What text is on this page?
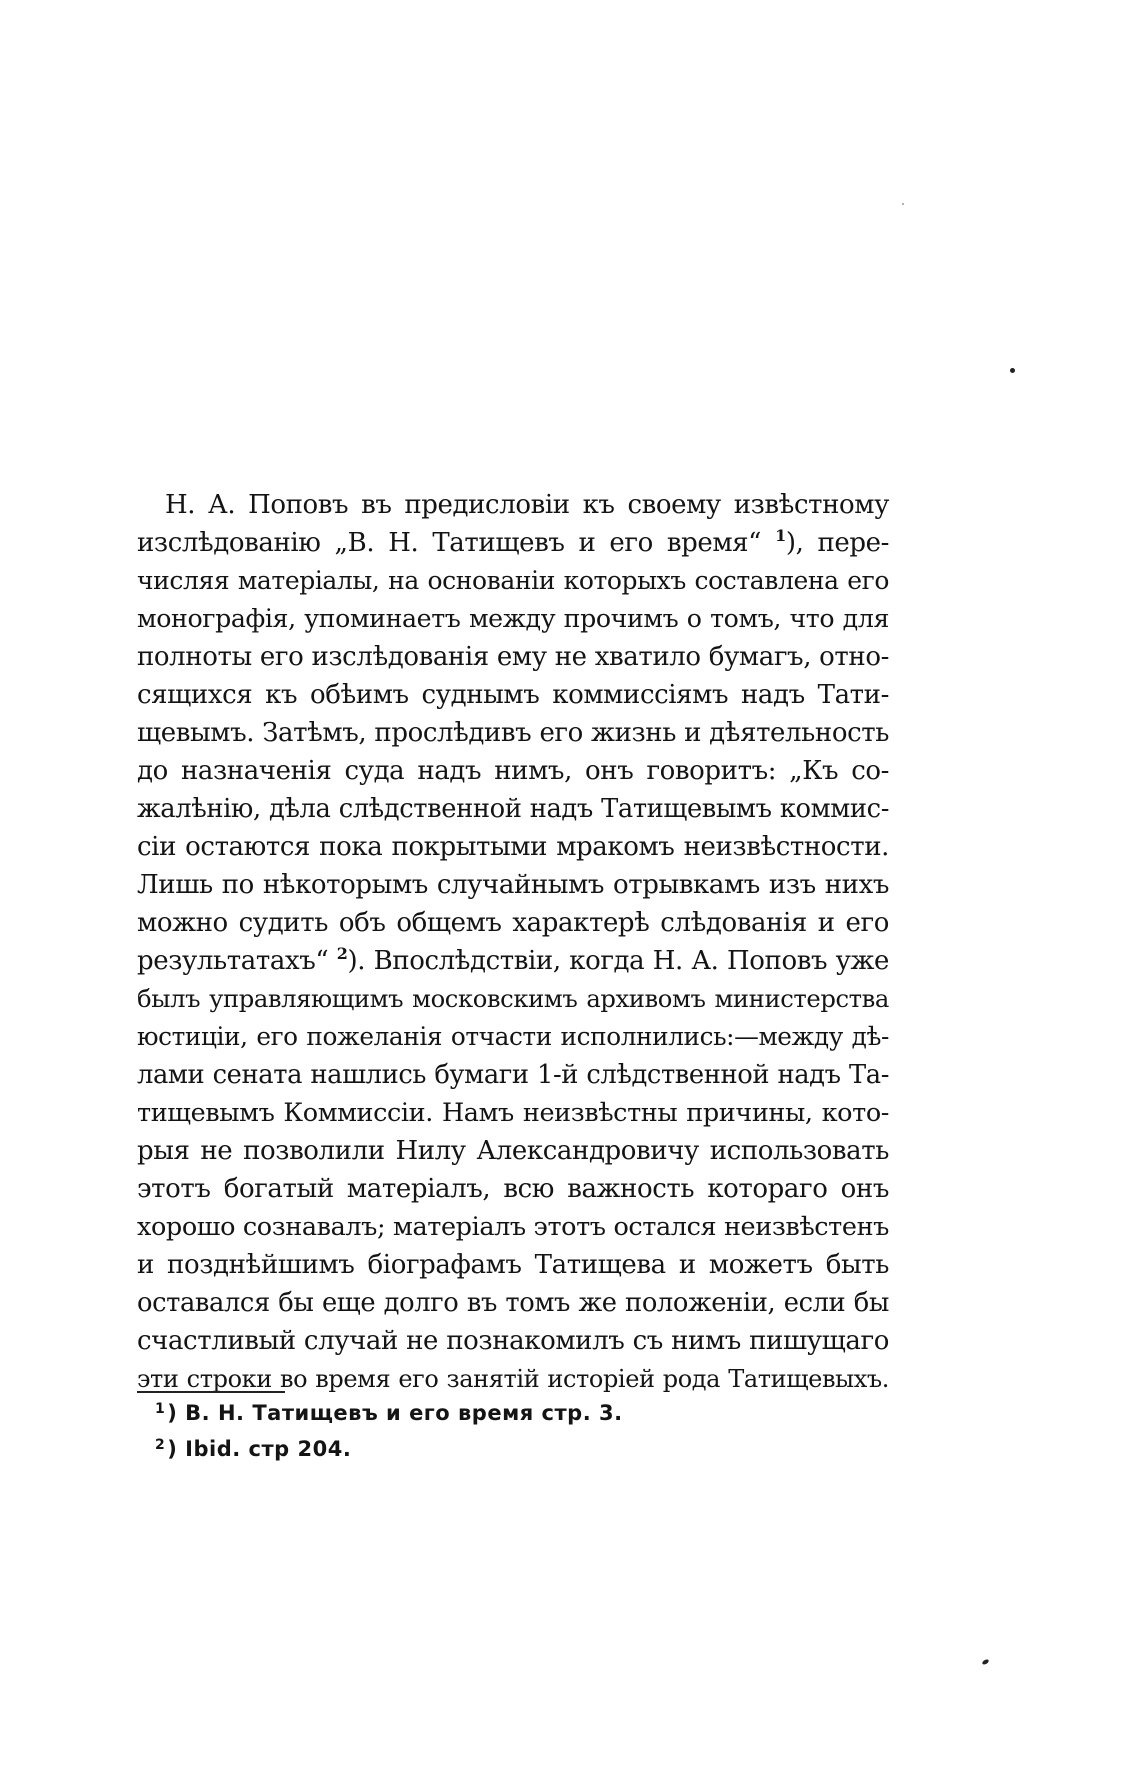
Н. А. Поповъ въ предисловіи къ своему извѣстному
изслѣдованію „В. Н. Татищевъ и его время“ $^1$), пере-
числяя матеріалы, на основаніи которыхъ составлена его
монографія, упоминаетъ между прочимъ о томъ, что для
полноты его изслѣдованія ему не хватило бумагъ, отно-
сящихся къ обѣимъ суднымъ коммиссіямъ надъ Тати-
щевымъ. Затѣмъ, прослѣдивъ его жизнь и дѣятельность
до назначенія суда надъ нимъ, онъ говоритъ: „Къ со-
жалѣнію, дѣла слѣдственной надъ Татищевымъ коммис-
сіи остаются пока покрытыми мракомъ неизвѣстности.
Лишь по нѣкоторымъ случайнымъ отрывкамъ изъ нихъ
можно судить объ общемъ характерѣ слѣдованія и его
результатахъ“ $^2$). Впослѣдствіи, когда Н. А. Поповъ уже
былъ управляющимъ московскимъ архивомъ министерства
юстиціи, его пожеланія отчасти исполнились:—между дѣ-
лами сената нашлись бумаги 1-й слѣдственной надъ Та-
тищевымъ Коммиссіи. Намъ неизвѣстны причины, кото-
рыя не позволили Нилу Александровичу использовать
этотъ богатый матеріалъ, всю важность котораго онъ
хорошо сознавалъ; матеріалъ этотъ остался неизвѣстенъ
и позднѣйшимъ біографамъ Татищева и можетъ быть
оставался бы еще долго въ томъ же положеніи, если бы
счастливый случай не познакомилъ съ нимъ пишущаго
эти строки во время его занятій исторіей рода Татищевыхъ.
$^1$) В. Н. Татищевъ и его время стр. 3.
$^2$) Ibid. стр 204.
